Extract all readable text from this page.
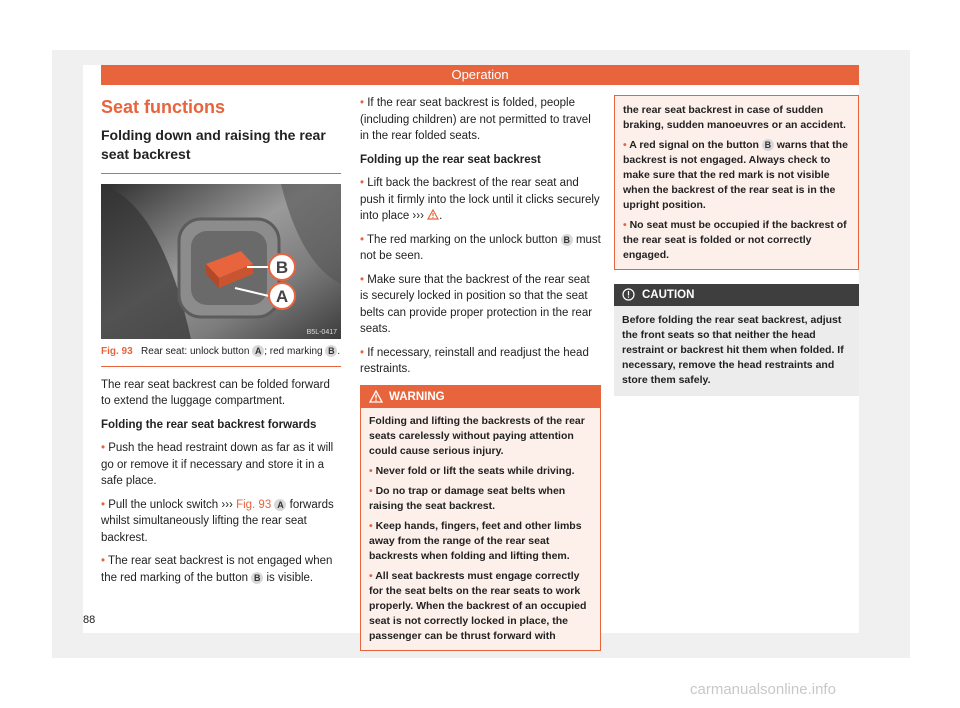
Operation
Seat functions
Folding down and raising the rear seat backrest
B
A
B5L-0417
Fig. 93 Rear seat: unlock button A ; red marking B .

The rear seat backrest can be folded forward to extend the luggage compartment.

Folding the rear seat backrest forwards

• Push the head restraint down as far as it will go or remove it if necessary and store it in a safe place.

• Pull the unlock switch ››› Fig. 93 A forwards whilst simultaneously lifting the rear seat backrest.

• The rear seat backrest is not engaged when the red marking of the button B is visible.

• If the rear seat backrest is folded, people (including children) are not permitted to travel in the rear folded seats.

Folding up the rear seat backrest

• Lift back the backrest of the rear seat and push it firmly into the lock until it clicks securely into place ››› .

• The red marking on the unlock button B must not be seen.

• Make sure that the backrest of the rear seat is securely locked in position so that the seat belts can provide proper protection in the rear seats.

• If necessary, reinstall and readjust the head restraints.

WARNING

Folding and lifting the backrests of the rear seats carelessly without paying attention could cause serious injury.

• Never fold or lift the seats while driving.

• Do no trap or damage seat belts when raising the seat backrest.

• Keep hands, fingers, feet and other limbs away from the range of the rear seat backrests when folding and lifting them.

• All seat backrests must engage correctly for the seat belts on the rear seats to work properly. When the backrest of an occupied seat is not correctly locked in place, the passenger can be thrust forward with

the rear seat backrest in case of sudden braking, sudden manoeuvres or an accident.

• A red signal on the button B warns that the backrest is not engaged. Always check to make sure that the red mark is not visible when the backrest of the rear seat is in the upright position.

• No seat must be occupied if the backrest of the rear seat is folded or not correctly engaged.

CAUTION
Before folding the rear seat backrest, adjust the front seats so that neither the head restraint or backrest hit them when folded. If necessary, remove the head restraints and store them safely.
88
carmanualsonline.info
